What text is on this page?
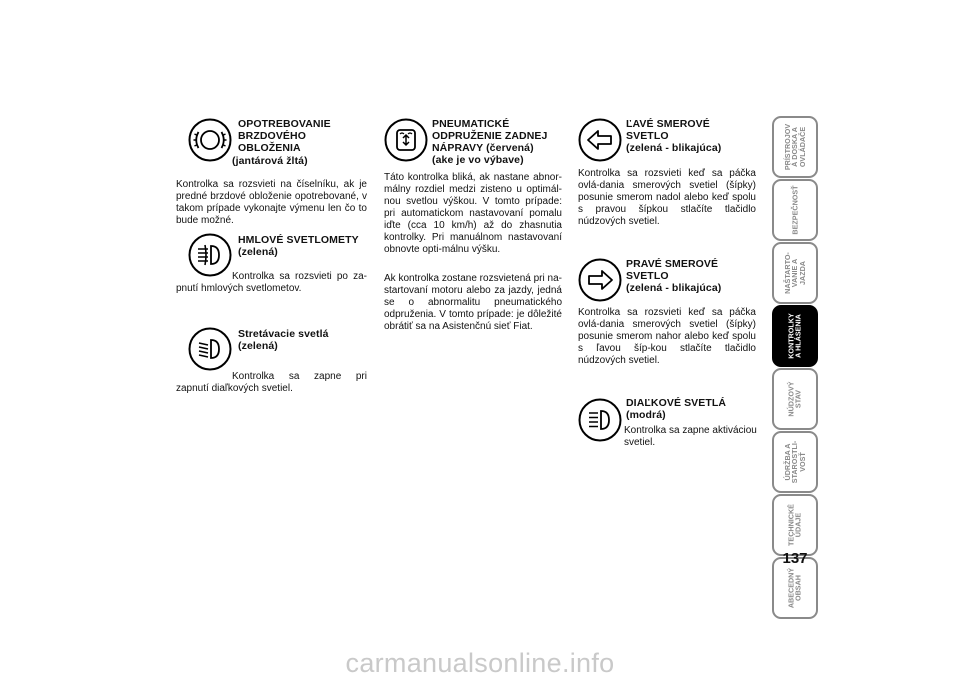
OPOTREBOVANIE
BRZDOVÉHO
OBLOŽENIA
(jantárová žltá)
Kontrolka sa rozsvieti na číselníku, ak je predné brzdové obloženie opotrebované, v takom prípade vykonajte výmenu len čo to bude možné.
HMLOVÉ SVETLOMETY
(zelená)
Kontrolka sa rozsvieti po za-pnutí hmlových svetlometov.
Stretávacie svetlá
(zelená)
Kontrolka sa zapne pri zapnutí diaľkových svetiel.
PNEUMATICKÉ
ODPRUŽENIE ZADNEJ
NÁPRAVY (červená)
(ake je vo výbave)
Táto kontrolka bliká, ak nastane abnor-málny rozdiel medzi zisteno u optimál-nou svetlou výškou. V tomto prípade: pri automatickom nastavovaní pomalu iďte (cca 10 km/h) až do zhasnutia kontrolky. Pri manuálnom nastavovaní obnovte opti-málnu výšku.
Ak kontrolka zostane rozsvietená pri na-startovaní motoru alebo za jazdy, jedná se o abnormalitu pneumatického odpruženia. V tomto prípade: je dôležité obrátiť sa na Asistenčnú sieť Fiat.
ĽAVÉ SMEROVÉ
SVETLO
(zelená - blikajúca)
Kontrolka sa rozsvieti keď sa páčka ovlá-dania smerových svetiel (šípky) posunie smerom nadol alebo keď spolu s pravou šípkou stlačíte tlačidlo núdzových svetiel.
PRAVÉ SMEROVÉ
SVETLO
(zelená - blikajúca)
Kontrolka sa rozsvieti keď sa páčka ovlá-dania smerových svetiel (šípky) posunie smerom nahor alebo keď spolu s ľavou šíp-kou stlačíte tlačidlo núdzových svetiel.
DIAĽKOVÉ SVETLÁ
(modrá)
Kontrolka sa zapne aktiváciou svetiel.
PRÍSTROJOV
Á DOSKA A
OVLÁDAČE
BEZPEČNOSŤ
NAŠTARTO-
VANIE A
JAZDA
KONTROLKY
A HLÁSENIA
NÚDZOVÝ
STAV
ÚDRŽBA A
STAROSTLI-
VOSŤ
TECHNICKÉ
ÚDAJE
ABECEDNÝ
OBSAH
137
carmanualsonline.info
